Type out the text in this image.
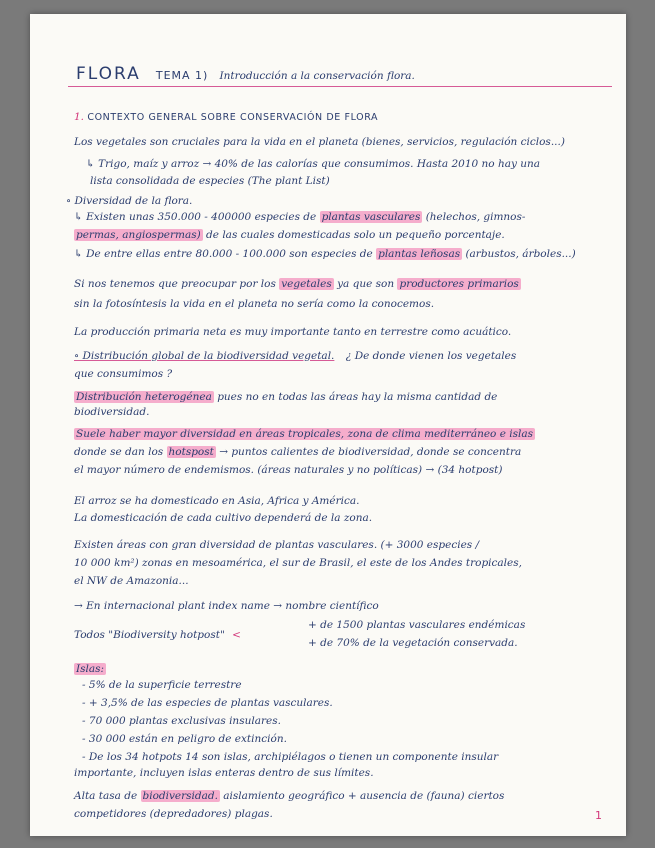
FLORA TEMA 1) Introducción a la conservación flora.
1. CONTEXTO GENERAL SOBRE CONSERVACIÓN DE FLORA
Los vegetales son cruciales para la vida en el planeta (bienes, servicios, regulación ciclos...)
↳ Trigo, maíz y arroz → 40% de las calorías que consumimos. Hasta 2010 no hay una
lista consolidada de especies (The plant List)
∘ Diversidad de la flora.
↳ Existen unas 350.000 - 400000 especies de plantas vasculares (helechos, gimnos-
permas, angiospermas) de las cuales domesticadas solo un pequeño porcentaje.
↳ De entre ellas entre 80.000 - 100.000 son especies de plantas leñosas (arbustos, árboles...)
Si nos tenemos que preocupar por los vegetales ya que son productores primarios
sin la fotosíntesis la vida en el planeta no sería como la conocemos.
La producción primaria neta es muy importante tanto en terrestre como acuático.
∘ Distribución global de la biodiversidad vegetal. ¿ De donde vienen los vegetales
que consumimos ?
Distribución heterogénea pues no en todas las áreas hay la misma cantidad de
biodiversidad.
Suele haber mayor diversidad en áreas tropicales, zona de clima mediterráneo e islas
donde se dan los hotspost → puntos calientes de biodiversidad, donde se concentra
el mayor número de endemismos. (áreas naturales y no políticas) → (34 hotpost)
El arroz se ha domesticado en Asia, Africa y América.
La domesticación de cada cultivo dependerá de la zona.
Existen áreas con gran diversidad de plantas vasculares. (+ 3000 especies /
10 000 km²) zonas en mesoamérica, el sur de Brasil, el este de los Andes tropicales,
el NW de Amazonia...
→ En internacional plant index name → nombre científico
Todos "Biodiversity hotpost" <
+ de 1500 plantas vasculares endémicas
+ de 70% de la vegetación conservada.
Islas:
- 5% de la superficie terrestre
- + 3,5% de las especies de plantas vasculares.
- 70 000 plantas exclusivas insulares.
- 30 000 están en peligro de extinción.
- De los 34 hotpots 14 son islas, archipiélagos o tienen un componente insular
importante, incluyen islas enteras dentro de sus límites.
Alta tasa de biodiversidad. aislamiento geográfico + ausencia de (fauna) ciertos
competidores (depredadores) plagas.	1
